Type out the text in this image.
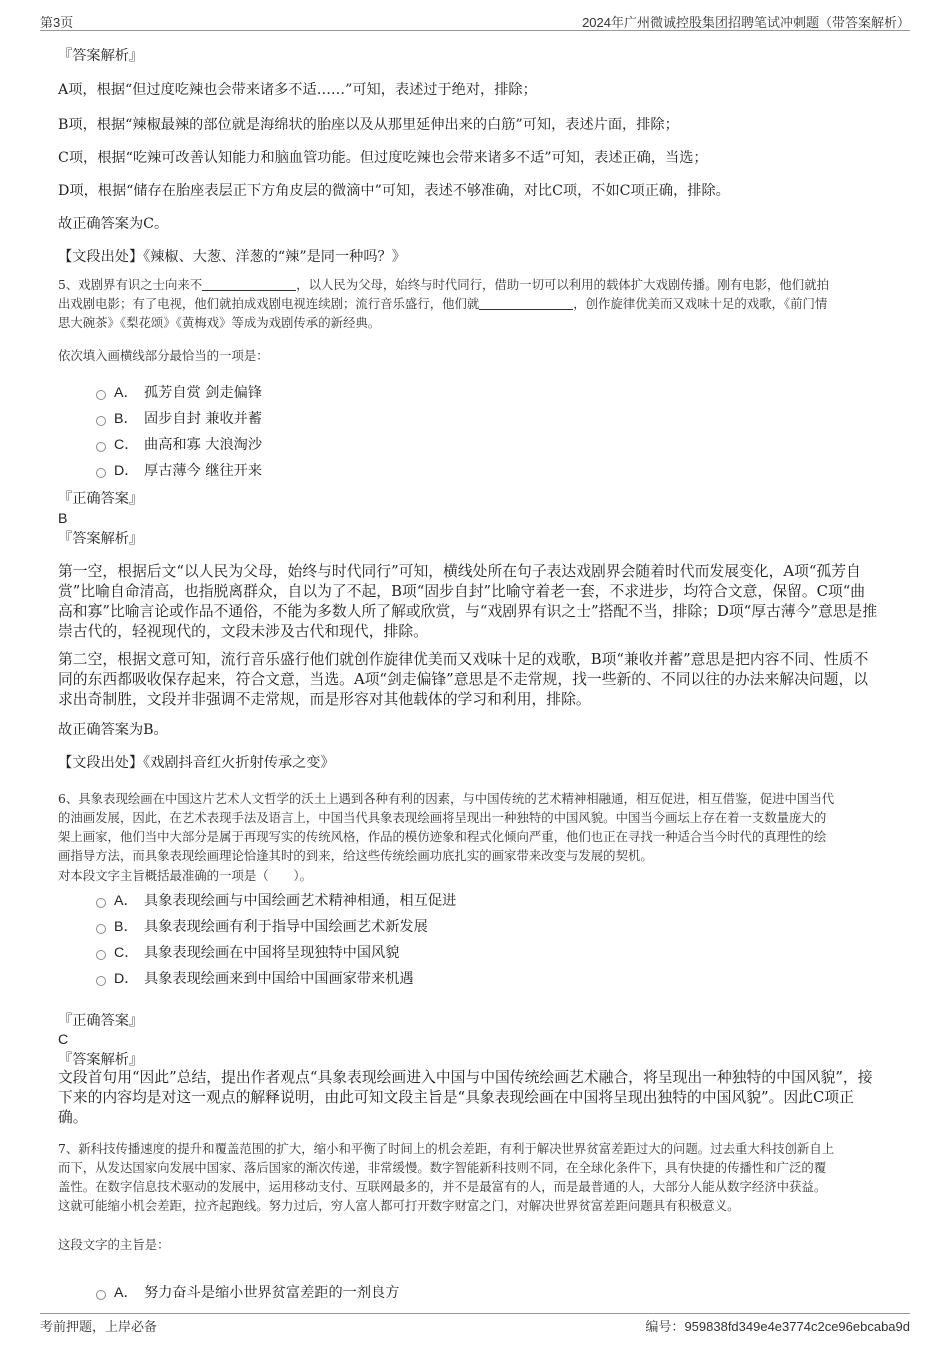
第3页	2024年广州微诚控股集团招聘笔试冲刺题（带答案解析）
『答案解析』
A项，根据“但过度吃辣也会带来诸多不适……”可知，表述过于绝对，排除；
B项，根据“辣椒最辣的部位就是海绵状的胎座以及从那里延伸出来的白筋”可知，表述片面，排除；
C项，根据“吃辣可改善认知能力和脑血管功能。但过度吃辣也会带来诸多不适”可知，表述正确，当选；
D项，根据“储存在胎座表层正下方角皮层的微滴中”可知，表述不够准确，对比C项，不如C项正确，排除。
故正确答案为C。
【文段出处】《辣椒、大葱、洋葱的“辣”是同一种吗？》
5、戏剧界有识之士向来不	，以人民为父母，始终与时代同行，借助一切可以利用的载体扩大戏剧传播。刚有电影，他们就拍
出戏剧电影；有了电视，他们就拍成戏剧电视连续剧；流行音乐盛行，他们就	，创作旋律优美而又戏味十足的戏歌，《前门情
思大碗茶》《梨花颂》《黄梅戏》等成为戏剧传承的新经典。
依次填入画横线部分最恰当的一项是：
A． 孤芳自赏 剑走偏锋
B． 固步自封 兼收并蓄
C． 曲高和寡 大浪淘沙
D． 厚古薄今 继往开来
『正确答案』
B
『答案解析』
第一空，根据后文“以人民为父母，始终与时代同行”可知，横线处所在句子表达戏剧界会随着时代而发展变化，A项“孤芳自
赏”比喻自命清高，也指脱离群众，自以为了不起，B项“固步自封”比喻守着老一套，不求进步，均符合文意，保留。C项“曲
高和寡”比喻言论或作品不通俗，不能为多数人所了解或欣赏，与“戏剧界有识之士”搭配不当，排除；D项“厚古薄今”意思是推
崇古代的，轻视现代的，文段未涉及古代和现代，排除。
第二空，根据文意可知，流行音乐盛行他们就创作旋律优美而又戏味十足的戏歌，B项“兼收并蓄”意思是把内容不同、性质不
同的东西都吸收保存起来，符合文意，当选。A项“剑走偏锋”意思是不走常规，找一些新的、不同以往的办法来解决问题，以
求出奇制胜，文段并非强调不走常规，而是形容对其他载体的学习和利用，排除。
故正确答案为B。
【文段出处】《戏剧抖音红火折射传承之变》
6、具象表现绘画在中国这片艺术人文哲学的沃土上遇到各种有利的因素，与中国传统的艺术精神相融通，相互促进，相互借鉴，促进中国当代
的油画发展，因此，在艺术表现手法及语言上，中国当代具象表现绘画将呈现出一种独特的中国风貌。中国当今画坛上存在着一支数量庞大的
架上画家，他们当中大部分是属于再现写实的传统风格，作品的模仿迹象和程式化倾向严重，他们也正在寻找一种适合当今时代的真理性的绘
画指导方法，而具象表现绘画理论恰逢其时的到来，给这些传统绘画功底扎实的画家带来改变与发展的契机。
对本段文字主旨概括最准确的一项是（　　）。
A． 具象表现绘画与中国绘画艺术精神相通，相互促进
B． 具象表现绘画有利于指导中国绘画艺术新发展
C． 具象表现绘画在中国将呈现独特中国风貌
D． 具象表现绘画来到中国给中国画家带来机遇
『正确答案』
C
『答案解析』
文段首句用“因此”总结，提出作者观点“具象表现绘画进入中国与中国传统绘画艺术融合，将呈现出一种独特的中国风貌”，接
下来的内容均是对这一观点的解释说明，由此可知文段主旨是“具象表现绘画在中国将呈现出独特的中国风貌”。因此C项正
确。
7、新科技传播速度的提升和覆盖范围的扩大，缩小和平衡了时间上的机会差距，有利于解决世界贫富差距过大的问题。过去重大科技创新自上
而下，从发达国家向发展中国家、落后国家的渐次传递，非常缓慢。数字智能新科技则不同，在全球化条件下，具有快捷的传播性和广泛的覆
盖性。在数字信息技术驱动的发展中，运用移动支付、互联网最多的，并不是最富有的人，而是最普通的人，大部分人能从数字经济中获益。
这就可能缩小机会差距，拉齐起跑线。努力过后，穷人富人都可打开数字财富之门，对解决世界贫富差距问题具有积极意义。
这段文字的主旨是：
A． 努力奋斗是缩小世界贫富差距的一剂良方
考前押题，上岸必备	编号：959838fd349e4e3774c2ce96ebcaba9d
